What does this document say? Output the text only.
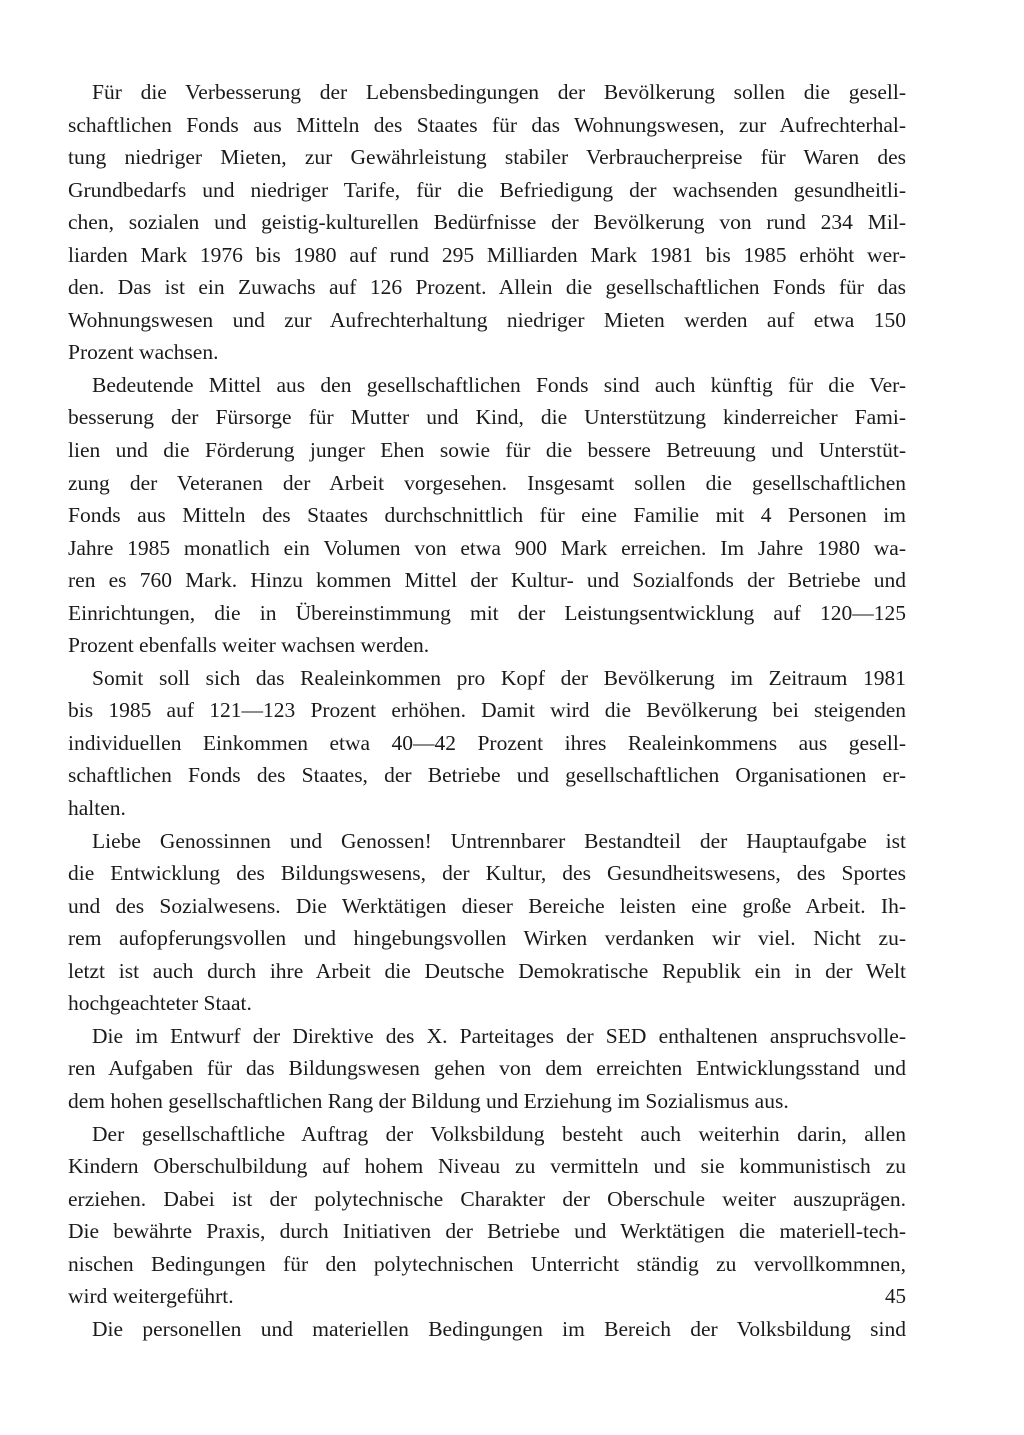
Für die Verbesserung der Lebensbedingungen der Bevölkerung sollen die gesell-
schaftlichen Fonds aus Mitteln des Staates für das Wohnungswesen, zur Aufrechterhal-
tung niedriger Mieten, zur Gewährleistung stabiler Verbraucherpreise für Waren des
Grundbedarfs und niedriger Tarife, für die Befriedigung der wachsenden gesundheitli-
chen, sozialen und geistig-kulturellen Bedürfnisse der Bevölkerung von rund 234 Mil-
liarden Mark 1976 bis 1980 auf rund 295 Milliarden Mark 1981 bis 1985 erhöht wer-
den. Das ist ein Zuwachs auf 126 Prozent. Allein die gesellschaftlichen Fonds für das
Wohnungswesen und zur Aufrechterhaltung niedriger Mieten werden auf etwa 150
Prozent wachsen.
Bedeutende Mittel aus den gesellschaftlichen Fonds sind auch künftig für die Ver-
besserung der Fürsorge für Mutter und Kind, die Unterstützung kinderreicher Fami-
lien und die Förderung junger Ehen sowie für die bessere Betreuung und Unterstüt-
zung der Veteranen der Arbeit vorgesehen. Insgesamt sollen die gesellschaftlichen
Fonds aus Mitteln des Staates durchschnittlich für eine Familie mit 4 Personen im
Jahre 1985 monatlich ein Volumen von etwa 900 Mark erreichen. Im Jahre 1980 wa-
ren es 760 Mark. Hinzu kommen Mittel der Kultur- und Sozialfonds der Betriebe und
Einrichtungen, die in Übereinstimmung mit der Leistungsentwicklung auf 120—125
Prozent ebenfalls weiter wachsen werden.
Somit soll sich das Realeinkommen pro Kopf der Bevölkerung im Zeitraum 1981
bis 1985 auf 121—123 Prozent erhöhen. Damit wird die Bevölkerung bei steigenden
individuellen Einkommen etwa 40—42 Prozent ihres Realeinkommens aus gesell-
schaftlichen Fonds des Staates, der Betriebe und gesellschaftlichen Organisationen er-
halten.
Liebe Genossinnen und Genossen! Untrennbarer Bestandteil der Hauptaufgabe ist
die Entwicklung des Bildungswesens, der Kultur, des Gesundheitswesens, des Sportes
und des Sozialwesens. Die Werktätigen dieser Bereiche leisten eine große Arbeit. Ih-
rem aufopferungsvollen und hingebungsvollen Wirken verdanken wir viel. Nicht zu-
letzt ist auch durch ihre Arbeit die Deutsche Demokratische Republik ein in der Welt
hochgeachteter Staat.
Die im Entwurf der Direktive des X. Parteitages der SED enthaltenen anspruchsvolle-
ren Aufgaben für das Bildungswesen gehen von dem erreichten Entwicklungsstand und
dem hohen gesellschaftlichen Rang der Bildung und Erziehung im Sozialismus aus.
Der gesellschaftliche Auftrag der Volksbildung besteht auch weiterhin darin, allen
Kindern Oberschulbildung auf hohem Niveau zu vermitteln und sie kommunistisch zu
erziehen. Dabei ist der polytechnische Charakter der Oberschule weiter auszuprägen.
Die bewährte Praxis, durch Initiativen der Betriebe und Werktätigen die materiell-tech-
nischen Bedingungen für den polytechnischen Unterricht ständig zu vervollkommnen,
wird weitergeführt.
Die personellen und materiellen Bedingungen im Bereich der Volksbildung sind
45
